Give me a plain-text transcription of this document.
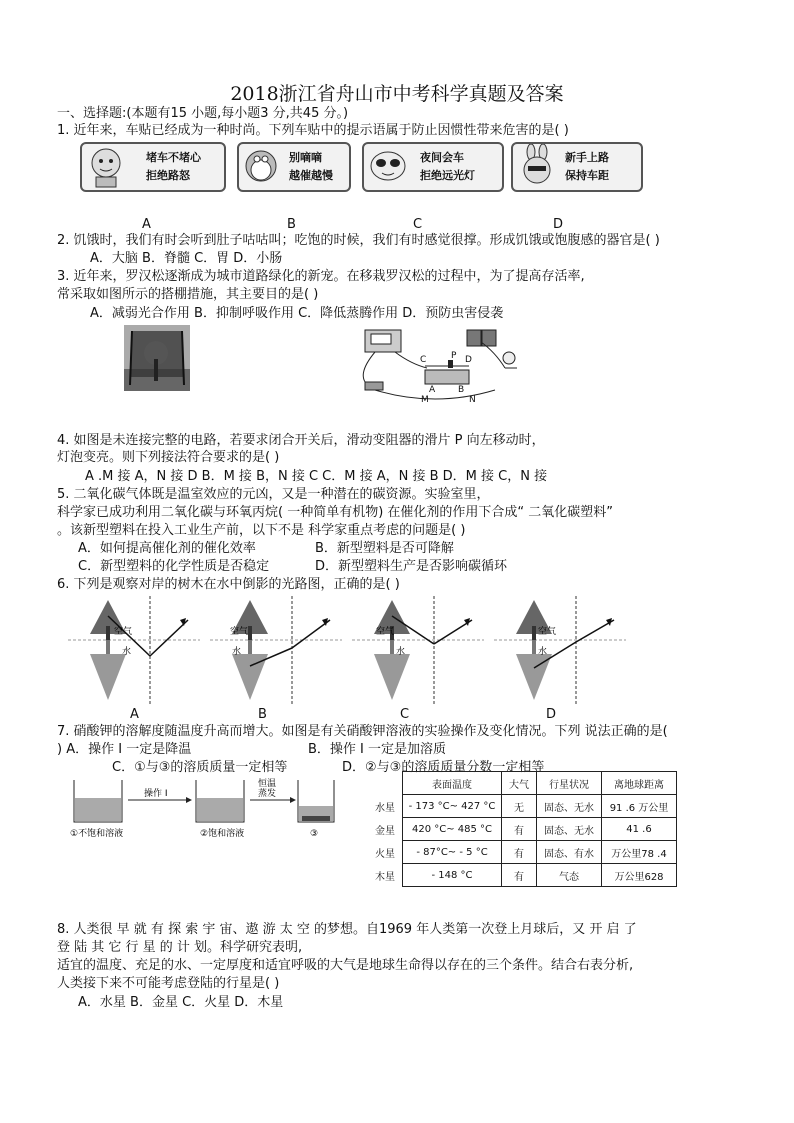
2018浙江省舟山市中考科学真题及答案
一、选择题:(本题有15 小题,每小题3 分,共45 分。)
1. 近年来，车贴已经成为一种时尚。下列车贴中的提示语属于防止因惯性带来危害的是( )
堵车不堵心
拒绝路怒
别嘀嘀
越催越慢
夜间会车
拒绝远光灯
新手上路
保持车距
A	B	C	D
2. 饥饿时，我们有时会听到肚子咕咕叫；吃饱的时候，我们有时感觉很撑。形成饥饿或饱腹感的器官是( )
A．大脑 B．脊髓 C．胃 D．小肠
3. 近年来，罗汉松逐渐成为城市道路绿化的新宠。在移栽罗汉松的过程中，为了提高存活率,
常采取如图所示的搭棚措施，其主要目的是( )
A．减弱光合作用 B．抑制呼吸作用 C．降低蒸腾作用 D．预防虫害侵袭
C	P D
A	B
M	N
4. 如图是未连接完整的电路，若要求闭合开关后，滑动变阻器的滑片 P 向左移动时，
灯泡变亮。则下列接法符合要求的是( )
A .M 接 A，N 接 D B．M 接 B，N 接 C C．M 接 A，N 接 B D．M 接 C，N 接
5. 二氧化碳气体既是温室效应的元凶，又是一种潜在的碳资源。实验室里，
科学家已成功利用二氧化碳与环氧丙烷( 一种简单有机物) 在催化剂的作用下合成“ 二氧化碳塑料”
。该新型塑料在投入工业生产前，以下不是 科学家重点考虑的问题是( )
A．如何提高催化剂的催化效率	B．新型塑料是否可降解
C．新型塑料的化学性质是否稳定	D．新型塑料生产是否影响碳循环
6. 下列是观察对岸的树木在水中倒影的光路图，正确的是( )
空气
水
空气
水
空气
水
空气
水
A	B	C	D
7. 硝酸钾的溶解度随温度升高而增大。如图是有关硝酸钾溶液的实验操作及变化情况。下列 说法正确的是(
) A．操作 I 一定是降温	B．操作 I 一定是加溶质
C．①与③的溶质质量一定相等	D．②与③的溶质质量分数一定相等
操作 I
恒温
蒸发
①不饱和溶液	②饱和溶液	③
	表面温度	大气	行星状况	离地球距离
水星	- 173 °C~ 427 °C	无	固态、无水	91 .6 万公里
金星	420 °C~ 485 °C	有	固态、无水	41 .6
火星	- 87°C~ - 5 °C	有	固态、有水	万公里78 .4
木星	- 148 °C	有	气态	万公里628
8. 人类很 早 就 有 探 索 宇 宙、遨 游 太 空 的梦想。自1969 年人类第一次登上月球后，又 开 启 了
登 陆 其 它 行 星 的 计 划。科学研究表明,
适宜的温度、充足的水、一定厚度和适宜呼吸的大气是地球生命得以存在的三个条件。结合右表分析,
人类接下来不可能考虑登陆的行星是( )
A．水星 B．金星 C．火星 D．木星
